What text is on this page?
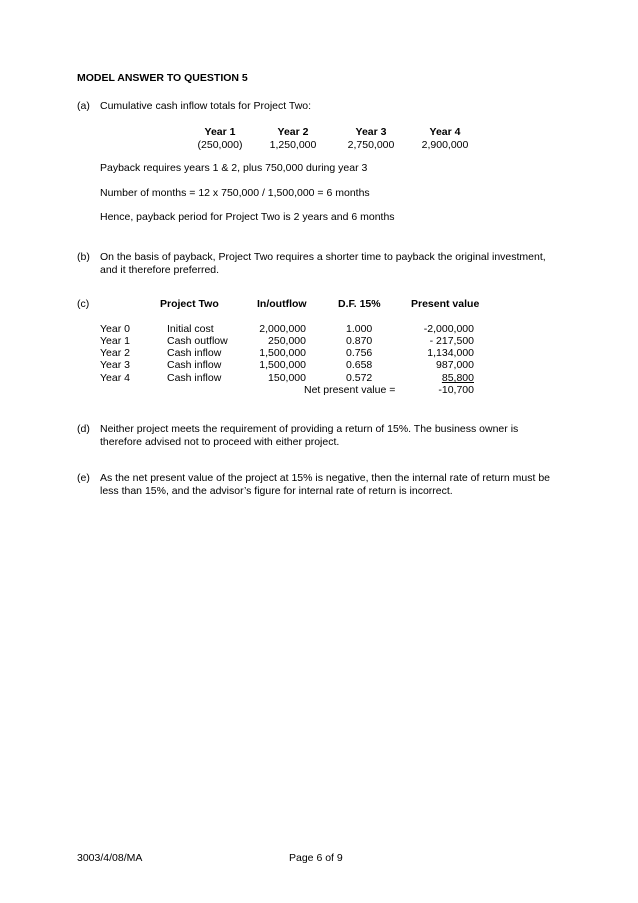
MODEL ANSWER TO QUESTION 5
(a) Cumulative cash inflow totals for Project Two:
Year 1	Year 2	Year 3	Year 4
(250,000)	1,250,000	2,750,000	2,900,000
Payback requires years 1 & 2, plus 750,000 during year 3
Number of months = 12 x 750,000 / 1,500,000 = 6 months
Hence, payback period for Project Two is 2 years and 6 months
(b) On the basis of payback, Project Two requires a shorter time to payback the original investment,
and it therefore preferred.
(c)	Project Two	In/outflow	D.F. 15%	Present value
Year 0	Initial cost	2,000,000	1.000	-2,000,000
Year 1	Cash outflow	250,000	0.870	- 217,500
Year 2	Cash inflow	1,500,000	0.756	1,134,000
Year 3	Cash inflow	1,500,000	0.658	987,000
Year 4	Cash inflow	150,000	0.572	85,800
Net present value =	-10,700
(d) Neither project meets the requirement of providing a return of 15%. The business owner is
therefore advised not to proceed with either project.
(e) As the net present value of the project at 15% is negative, then the internal rate of return must be
less than 15%, and the advisor’s figure for internal rate of return is incorrect.
3003/4/08/MA	Page 6 of 9
